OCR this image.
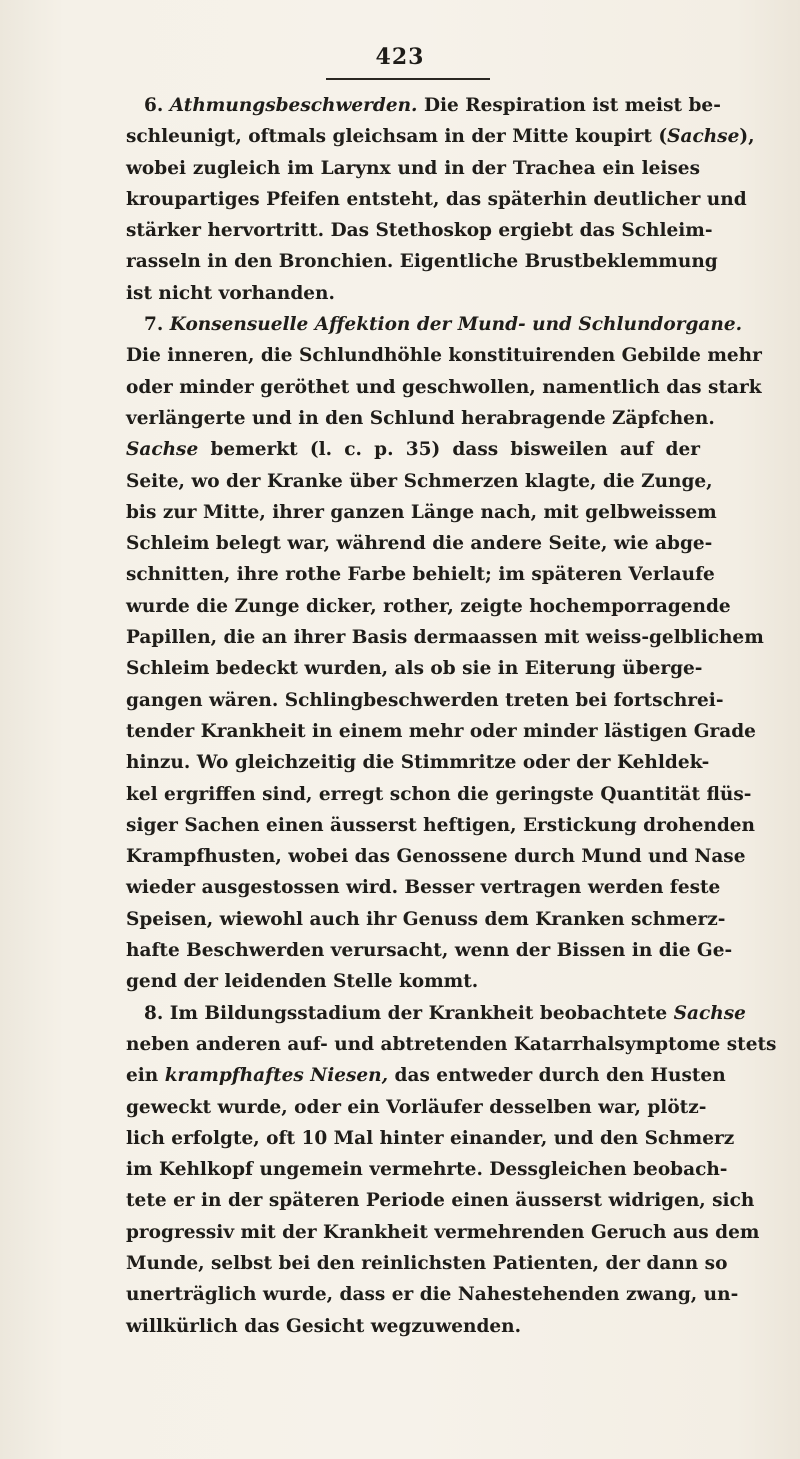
423
6. Athmungsbeschwerden. Die Respiration ist meist be-
schleunigt, oftmals gleichsam in der Mitte koupirt (Sachse),
wobei zugleich im Larynx und in der Trachea ein leises
kroupartiges Pfeifen entsteht, das späterhin deutlicher und
stärker hervortritt. Das Stethoskop ergiebt das Schleim-
rasseln in den Bronchien. Eigentliche Brustbeklemmung
ist nicht vorhanden.
7. Konsensuelle Affektion der Mund- und Schlundorgane.
Die inneren, die Schlundhöhle konstituirenden Gebilde mehr
oder minder geröthet und geschwollen, namentlich das stark
verlängerte und in den Schlund herabragende Zäpfchen.
Sachse bemerkt (l. c. p. 35) dass bisweilen auf der
Seite, wo der Kranke über Schmerzen klagte, die Zunge,
bis zur Mitte, ihrer ganzen Länge nach, mit gelbweissem
Schleim belegt war, während die andere Seite, wie abge-
schnitten, ihre rothe Farbe behielt; im späteren Verlaufe
wurde die Zunge dicker, rother, zeigte hochemporragende
Papillen, die an ihrer Basis dermaassen mit weiss-gelblichem
Schleim bedeckt wurden, als ob sie in Eiterung überge-
gangen wären. Schlingbeschwerden treten bei fortschrei-
tender Krankheit in einem mehr oder minder lästigen Grade
hinzu. Wo gleichzeitig die Stimmritze oder der Kehldek-
kel ergriffen sind, erregt schon die geringste Quantität flüs-
siger Sachen einen äusserst heftigen, Erstickung drohenden
Krampfhusten, wobei das Genossene durch Mund und Nase
wieder ausgestossen wird. Besser vertragen werden feste
Speisen, wiewohl auch ihr Genuss dem Kranken schmerz-
hafte Beschwerden verursacht, wenn der Bissen in die Ge-
gend der leidenden Stelle kommt.
8. Im Bildungsstadium der Krankheit beobachtete Sachse
neben anderen auf- und abtretenden Katarrhalsymptome stets
ein krampfhaftes Niesen, das entweder durch den Husten
geweckt wurde, oder ein Vorläufer desselben war, plötz-
lich erfolgte, oft 10 Mal hinter einander, und den Schmerz
im Kehlkopf ungemein vermehrte. Dessgleichen beobach-
tete er in der späteren Periode einen äusserst widrigen, sich
progressiv mit der Krankheit vermehrenden Geruch aus dem
Munde, selbst bei den reinlichsten Patienten, der dann so
unerträglich wurde, dass er die Nahestehenden zwang, un-
willkürlich das Gesicht wegzuwenden.
